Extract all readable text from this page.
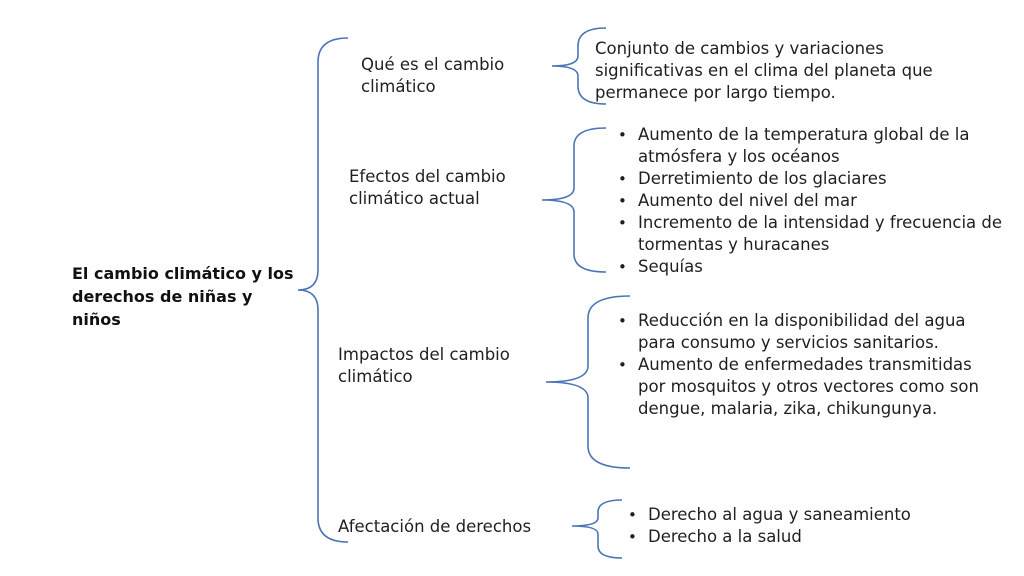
El cambio climático y los derechos de niñas y niños
Qué es el cambio climático
Conjunto de cambios y variaciones significativas en el clima del planeta que permanece por largo tiempo.
Efectos del cambio climático actual
• Aumento de la temperatura global de la atmósfera y los océanos
• Derretimiento de los glaciares
• Aumento del nivel del mar
• Incremento de la intensidad y frecuencia de tormentas y huracanes
• Sequías
Impactos del cambio climático
• Reducción en la disponibilidad del agua para consumo y servicios sanitarios.
• Aumento de enfermedades transmitidas por mosquitos y otros vectores como son dengue, malaria, zika, chikungunya.
Afectación de derechos
• Derecho al agua y saneamiento
• Derecho a la salud
